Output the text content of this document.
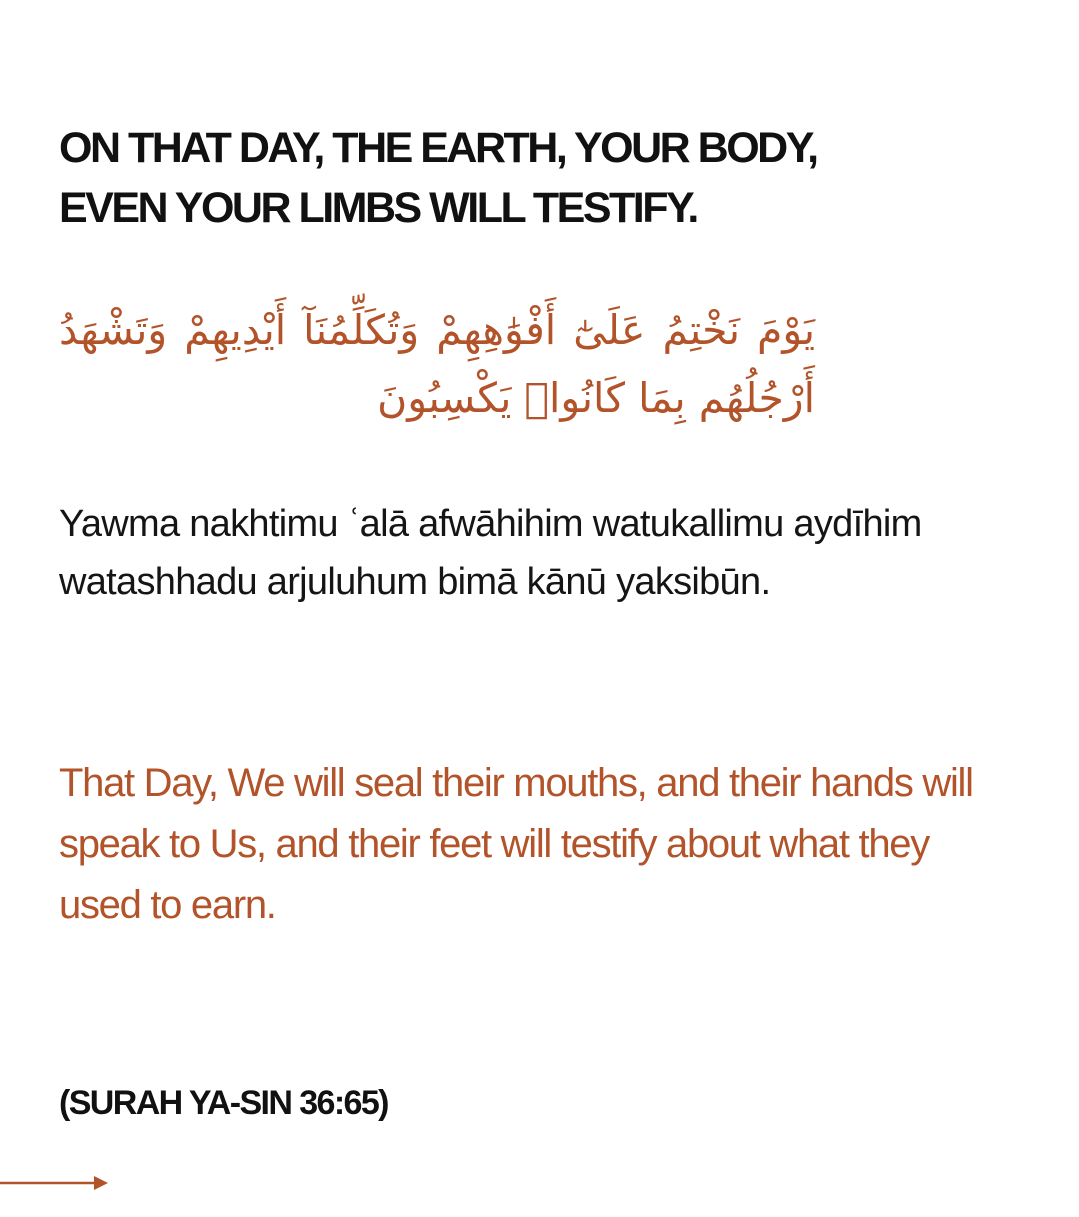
ON THAT DAY, THE EARTH, YOUR BODY,
EVEN YOUR LIMBS WILL TESTIFY.

يَوْمَ نَخْتِمُ عَلَىٰٓ أَفْوَٰهِهِمْ وَتُكَلِّمُنَآ أَيْدِيهِمْ وَتَشْهَدُ أَرْجُلُهُم بِمَا كَانُوا۟ يَكْسِبُونَ

Yawma nakhtimu ʿalā afwāhihim watukallimu aydīhim watashhadu arjuluhum bimā kānū yaksibūn.

That Day, We will seal their mouths, and their hands will speak to Us, and their feet will testify about what they used to earn.

(SURAH YA-SIN 36:65)
